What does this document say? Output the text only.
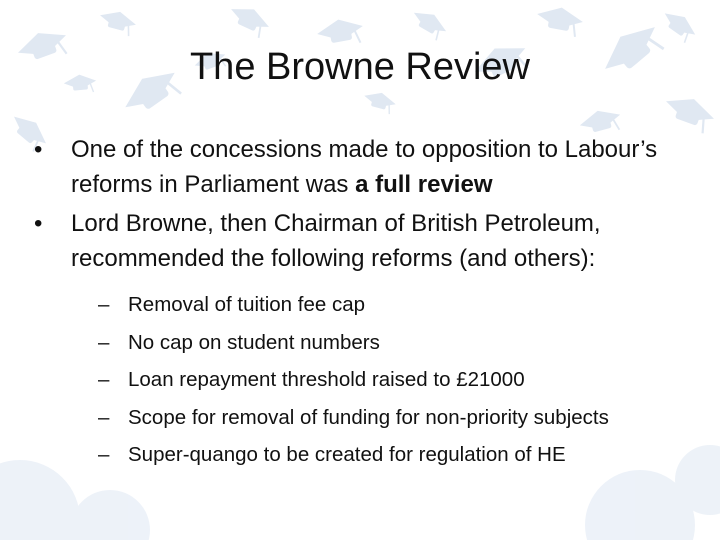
The Browne Review
•	One of the concessions made to opposition to Labour’s reforms in Parliament was a full review
•	Lord Browne, then Chairman of British Petroleum, recommended the following reforms (and others):
– Removal of tuition fee cap
– No cap on student numbers
– Loan repayment threshold raised to £21000
– Scope for removal of funding for non-priority subjects
– Super-quango to be created for regulation of HE
